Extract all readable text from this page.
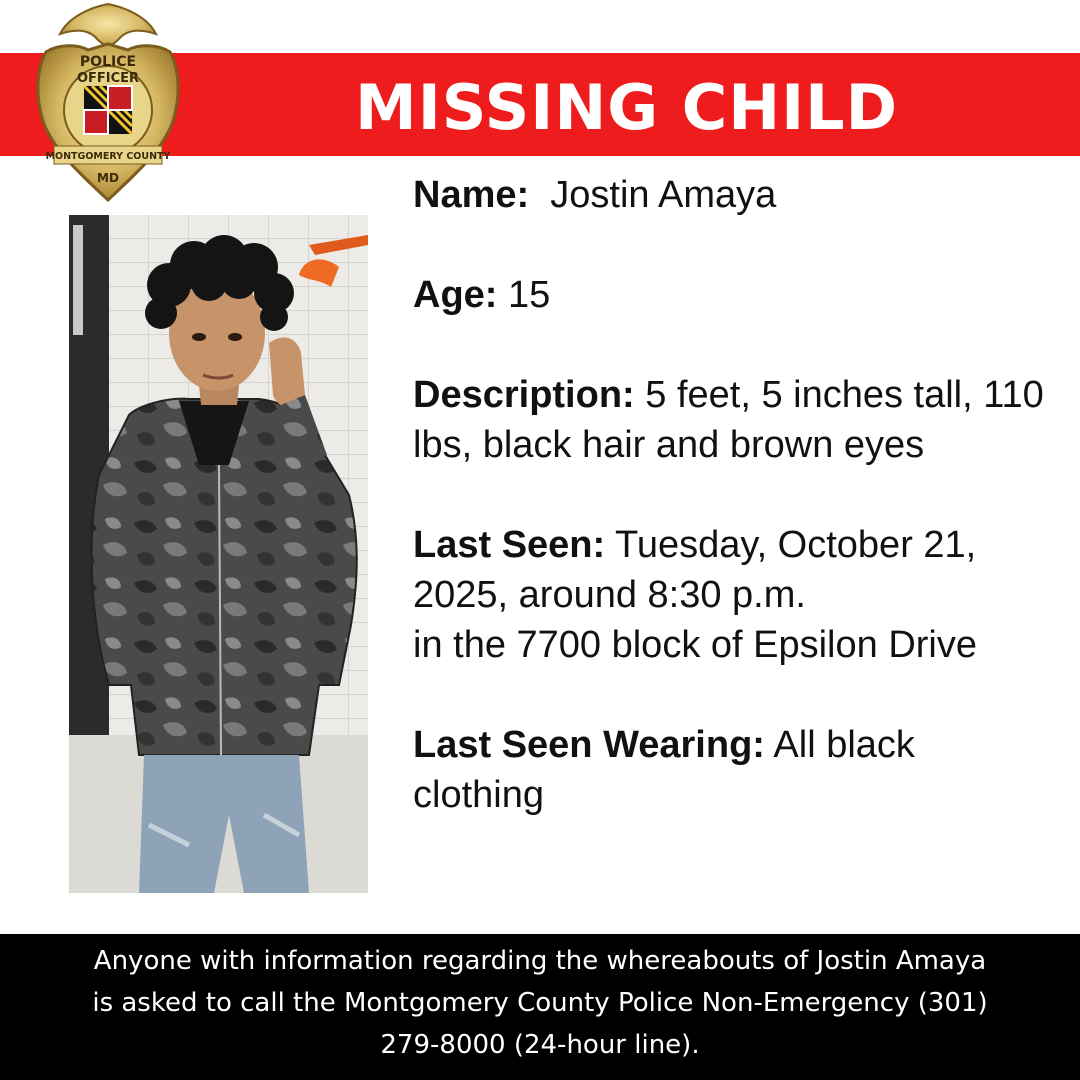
MISSING CHILD
POLICE
OFFICER
MONTGOMERY COUNTY
MD	Name: Jostin Amaya

Age: 15

Description: 5 feet, 5 inches tall, 110 lbs, black hair and brown eyes

Last Seen: Tuesday, October 21, 2025, around 8:30 p.m.
in the 7700 block of Epsilon Drive

Last Seen Wearing: All black clothing

Anyone with information regarding the whereabouts of Jostin Amaya
is asked to call the Montgomery County Police Non-Emergency (301)
279-8000 (24-hour line).
